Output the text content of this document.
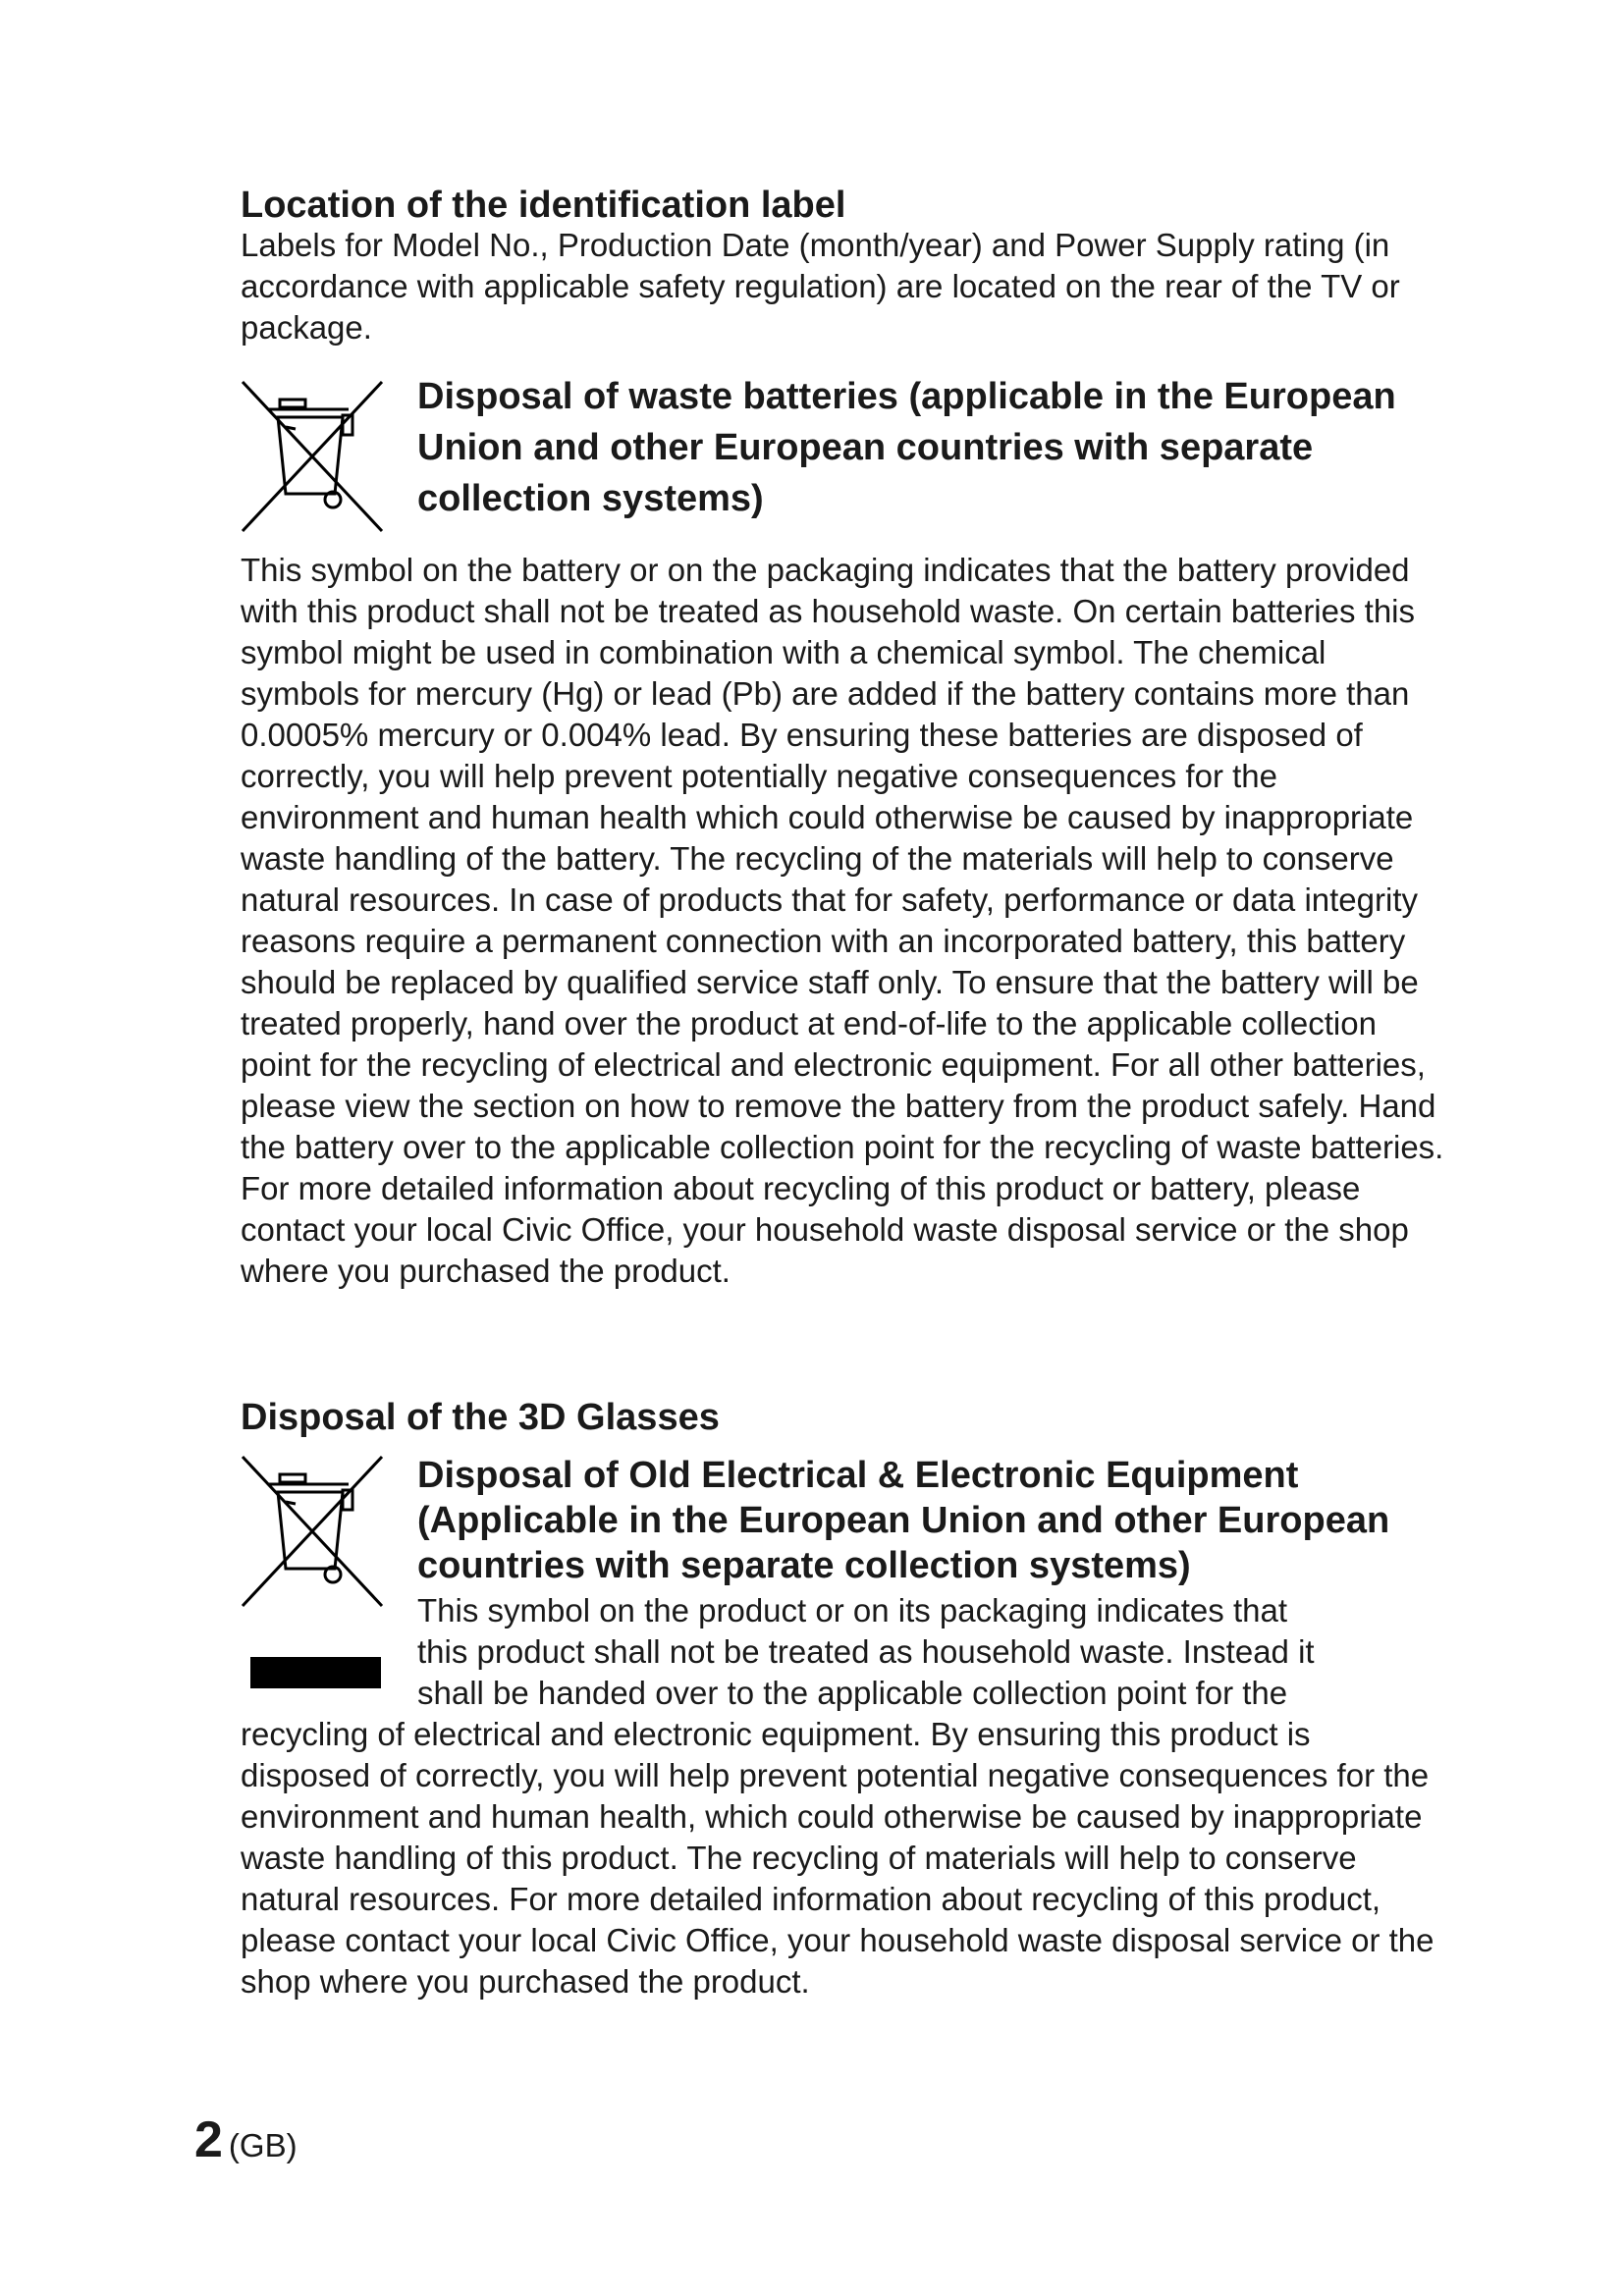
Location of the identification label

Labels for Model No., Production Date (month/year) and Power Supply rating (in accordance with applicable safety regulation) are located on the rear of the TV or package.

Disposal of waste batteries (applicable in the European Union and other European countries with separate collection systems)

This symbol on the battery or on the packaging indicates that the battery provided with this product shall not be treated as household waste. On certain batteries this symbol might be used in combination with a chemical symbol. The chemical symbols for mercury (Hg) or lead (Pb) are added if the battery contains more than 0.0005% mercury or 0.004% lead. By ensuring these batteries are disposed of correctly, you will help prevent potentially negative consequences for the environment and human health which could otherwise be caused by inappropriate waste handling of the battery. The recycling of the materials will help to conserve natural resources. In case of products that for safety, performance or data integrity reasons require a permanent connection with an incorporated battery, this battery should be replaced by qualified service staff only. To ensure that the battery will be treated properly, hand over the product at end-of-life to the applicable collection point for the recycling of electrical and electronic equipment. For all other batteries, please view the section on how to remove the battery from the product safely. Hand the battery over to the applicable collection point for the recycling of waste batteries. For more detailed information about recycling of this product or battery, please contact your local Civic Office, your household waste disposal service or the shop where you purchased the product.

Disposal of the 3D Glasses

Disposal of Old Electrical & Electronic Equipment (Applicable in the European Union and other European countries with separate collection systems)

This symbol on the product or on its packaging indicates that

this product shall not be treated as household waste. Instead it

shall be handed over to the applicable collection point for the

recycling of electrical and electronic equipment. By ensuring this product is disposed of correctly, you will help prevent potential negative consequences for the environment and human health, which could otherwise be caused by inappropriate waste handling of this product. The recycling of materials will help to conserve natural resources. For more detailed information about recycling of this product, please contact your local Civic Office, your household waste disposal service or the shop where you purchased the product.

2 (GB)
